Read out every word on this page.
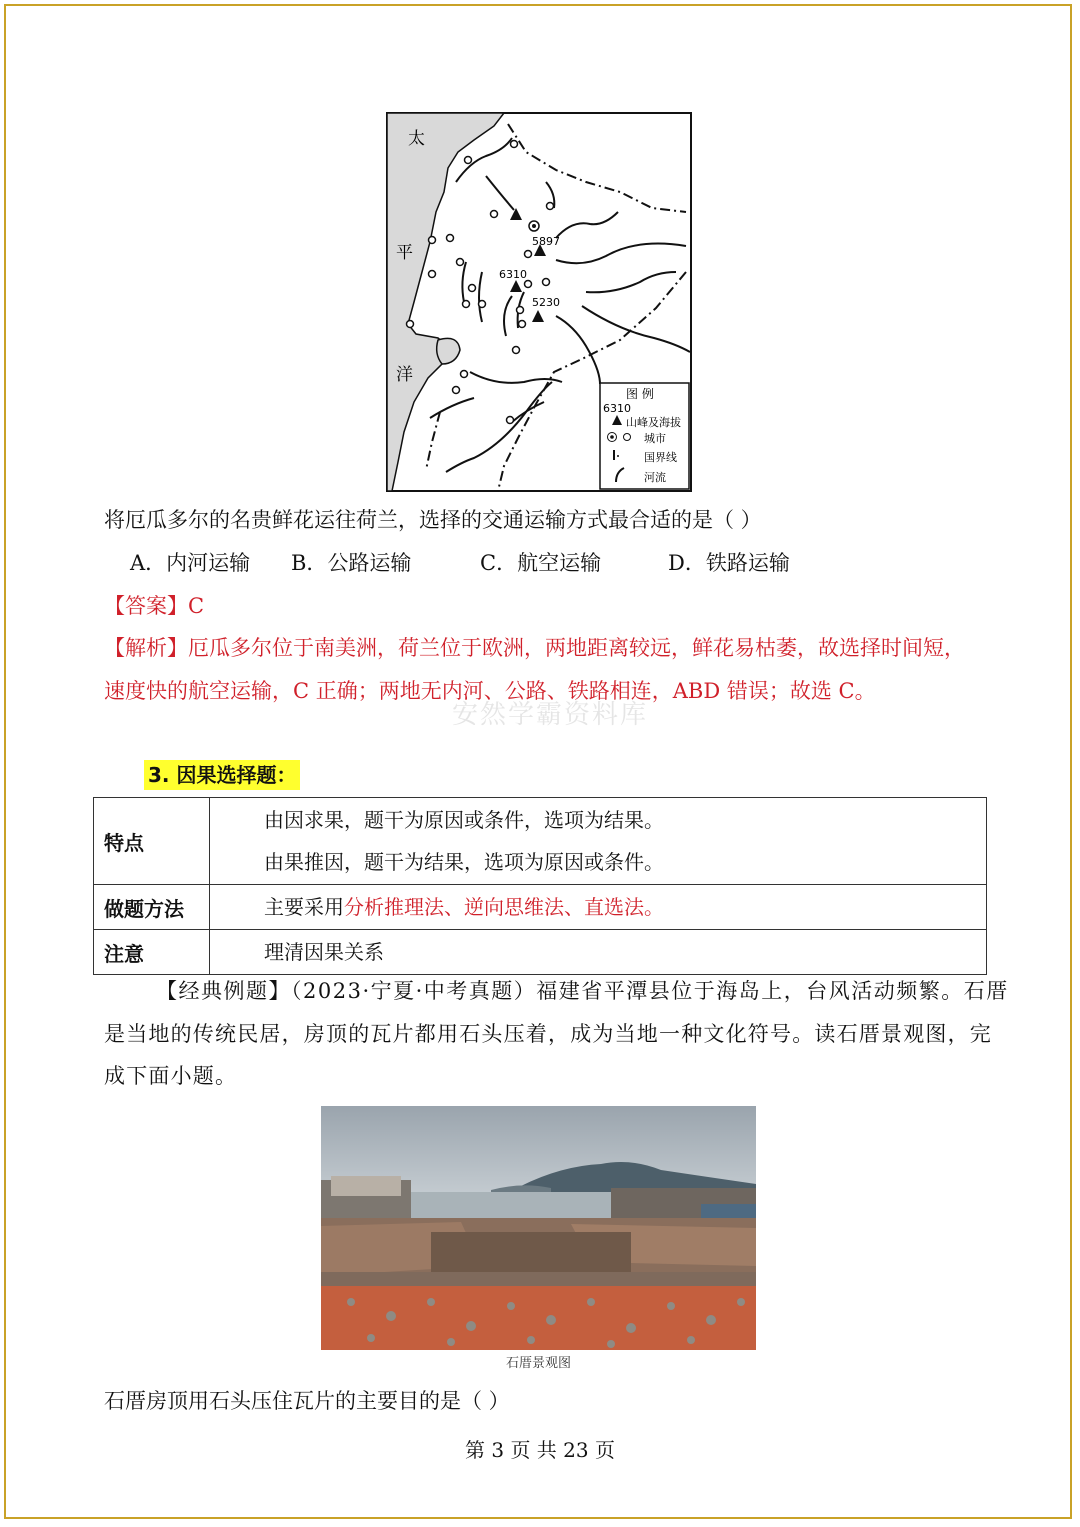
太
平
洋
5897
6310
5230
图 例
6310
山峰及海拔
城市
国界线
河流
将厄瓜多尔的名贵鲜花运往荷兰，选择的交通运输方式最合适的是（ ）
A．内河运输 B．公路运输	C．航空运输	D．铁路运输
【答案】C
【解析】厄瓜多尔位于南美洲，荷兰位于欧洲，两地距离较远，鲜花易枯萎，故选择时间短，
速度快的航空运输，C 正确；两地无内河、公路、铁路相连，ABD 错误；故选 C。
安然学霸资料库
3. 因果选择题：
特点	由因求果，题干为原因或条件，选项为结果。
由果推因，题干为结果，选项为原因或条件。

做题方法	主要采用分析推理法、逆向思维法、直选法。

注意	理清因果关系
【经典例题】（2023·宁夏·中考真题）福建省平潭县位于海岛上，台风活动频繁。石厝
是当地的传统民居，房顶的瓦片都用石头压着，成为当地一种文化符号。读石厝景观图，完
成下面小题。
石厝景观图
石厝房顶用石头压住瓦片的主要目的是（ ）
第 3 页 共 23 页
